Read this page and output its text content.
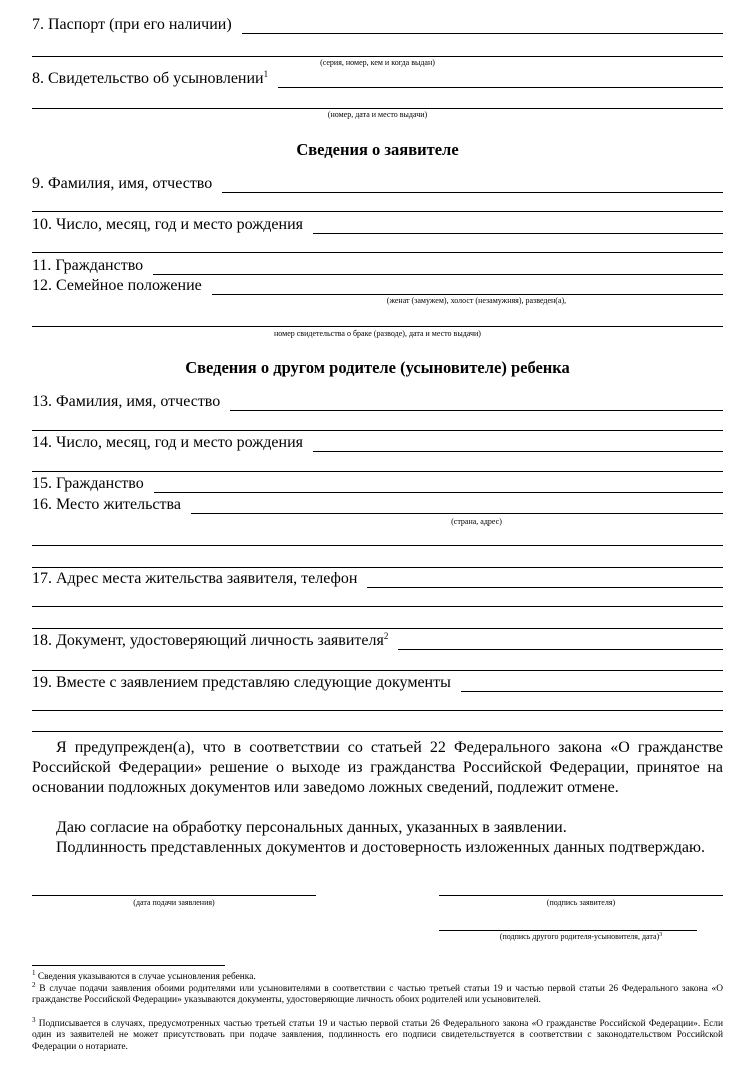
7. Паспорт (при его наличии)
(серия, номер, кем и когда выдан)
8. Свидетельство об усыновлении$^1$
(номер, дата и место выдачи)
Сведения о заявителе
9. Фамилия, имя, отчество
10. Число, месяц, год и место рождения
11. Гражданство
12. Семейное положение
(женат (замужем), холост (незамужняя), разведен(а),
номер свидетельства о браке (разводе), дата и место выдачи)
Сведения о другом родителе (усыновителе) ребенка
13. Фамилия, имя, отчество
14. Число, месяц, год и место рождения
15. Гражданство
16. Место жительства
(страна, адрес)
17. Адрес места жительства заявителя, телефон
18. Документ, удостоверяющий личность заявителя$^2$
19. Вместе с заявлением представляю следующие документы
Я предупрежден(а), что в соответствии со статьей 22 Федерального закона «О гражданстве Российской Федерации» решение о выходе из гражданства Российской Федерации, принятое на основании подложных документов или заведомо ложных сведений, подлежит отмене.
Даю согласие на обработку персональных данных, указанных в заявлении.
Подлинность представленных документов и достоверность изложенных данных подтверждаю.
(дата подачи заявления)	(подпись заявителя)
(подпись другого родителя-усыновителя, дата)$^3$
$^1$ Сведения указываются в случае усыновления ребенка.
$^2$ В случае подачи заявления обоими родителями или усыновителями в соответствии с частью третьей статьи 19 и частью первой статьи 26 Федерального закона «О гражданстве Российской Федерации» указываются документы, удостоверяющие личность обоих родителей или усыновителей.
$^3$ Подписывается в случаях, предусмотренных частью третьей статьи 19 и частью первой статьи 26 Федерального закона «О гражданстве Российской Федерации». Если один из заявителей не может присутствовать при подаче заявления, подлинность его подписи свидетельствуется в соответствии с законодательством Российской Федерации о нотариате.
